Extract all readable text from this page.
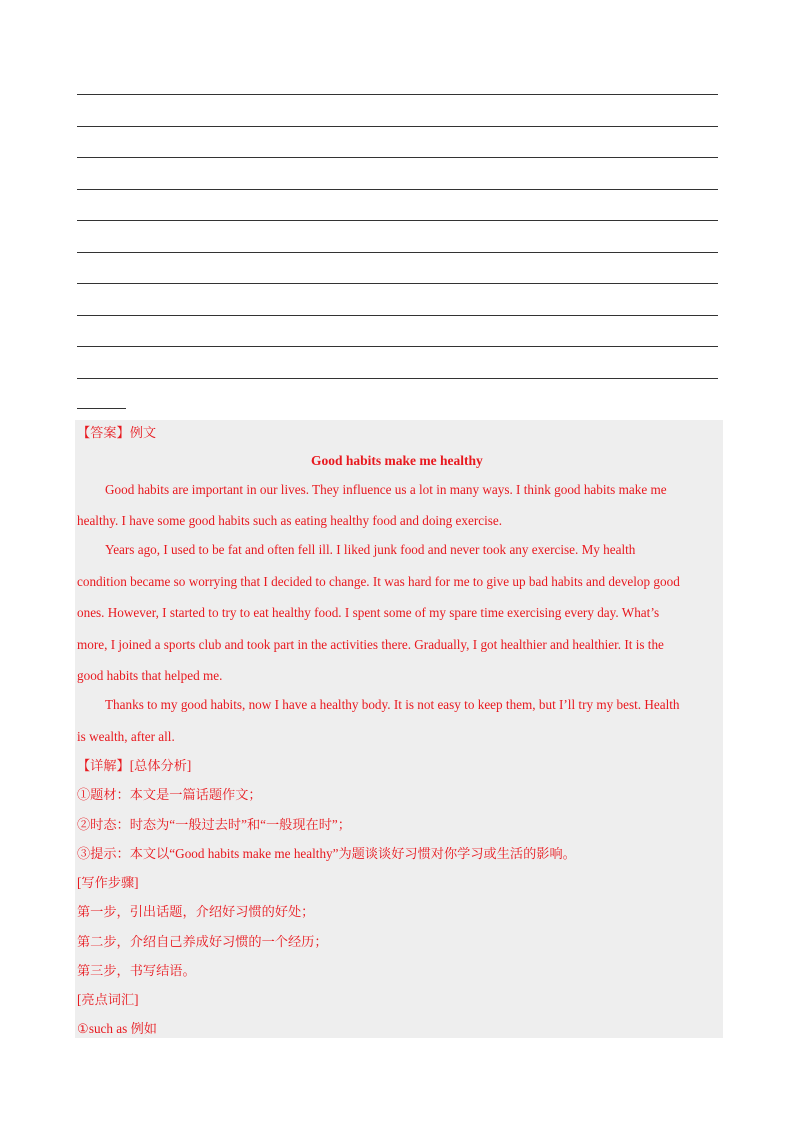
【答案】例文
Good habits make me healthy
Good habits are important in our lives. They influence us a lot in many ways. I think good habits make me
healthy. I have some good habits such as eating healthy food and doing exercise.
Years ago, I used to be fat and often fell ill. I liked junk food and never took any exercise. My health
condition became so worrying that I decided to change. It was hard for me to give up bad habits and develop good
ones. However, I started to try to eat healthy food. I spent some of my spare time exercising every day. What’s
more, I joined a sports club and took part in the activities there. Gradually, I got healthier and healthier. It is the
good habits that helped me.
Thanks to my good habits, now I have a healthy body. It is not easy to keep them, but I’ll try my best. Health
is wealth, after all.
【详解】[总体分析]
①题材：本文是一篇话题作文；
②时态：时态为“一般过去时”和“一般现在时”；
③提示：本文以“Good habits make me healthy”为题谈谈好习惯对你学习或生活的影响。
[写作步骤]
第一步，引出话题，介绍好习惯的好处；
第二步，介绍自己养成好习惯的一个经历；
第三步，书写结语。
[亮点词汇]
①such as 例如
